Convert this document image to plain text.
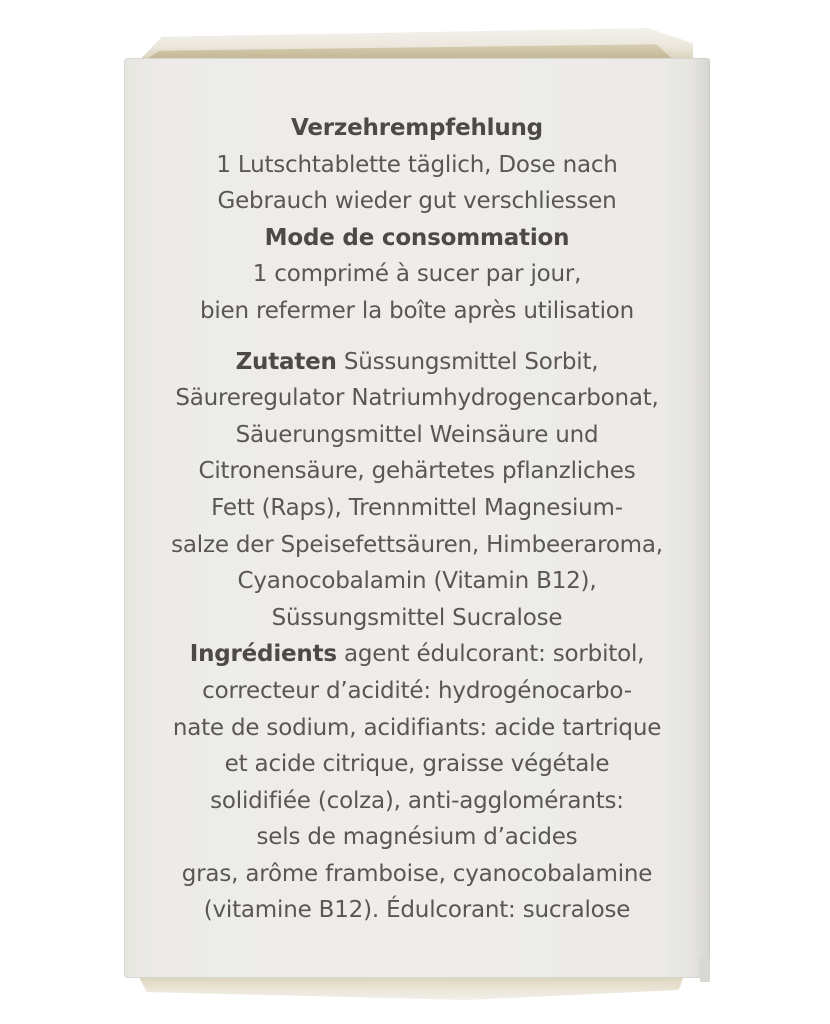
Verzehrempfehlung
1 Lutschtablette täglich, Dose nach
Gebrauch wieder gut verschliessen
Mode de consommation
1 comprimé à sucer par jour,
bien refermer la boîte après utilisation
Zutaten Süssungsmittel Sorbit,
Säureregulator Natriumhydrogencarbonat,
Säuerungsmittel Weinsäure und
Citronensäure, gehärtetes pflanzliches
Fett (Raps), Trennmittel Magnesium-
salze der Speisefettsäuren, Himbeeraroma,
Cyanocobalamin (Vitamin B12),
Süssungsmittel Sucralose
Ingrédients agent édulcorant: sorbitol,
correcteur d’acidité: hydrogénocarbo-
nate de sodium, acidifiants: acide tartrique
et acide citrique, graisse végétale
solidifiée (colza), anti-agglomérants:
sels de magnésium d’acides
gras, arôme framboise, cyanocobalamine
(vitamine B12). Édulcorant: sucralose
